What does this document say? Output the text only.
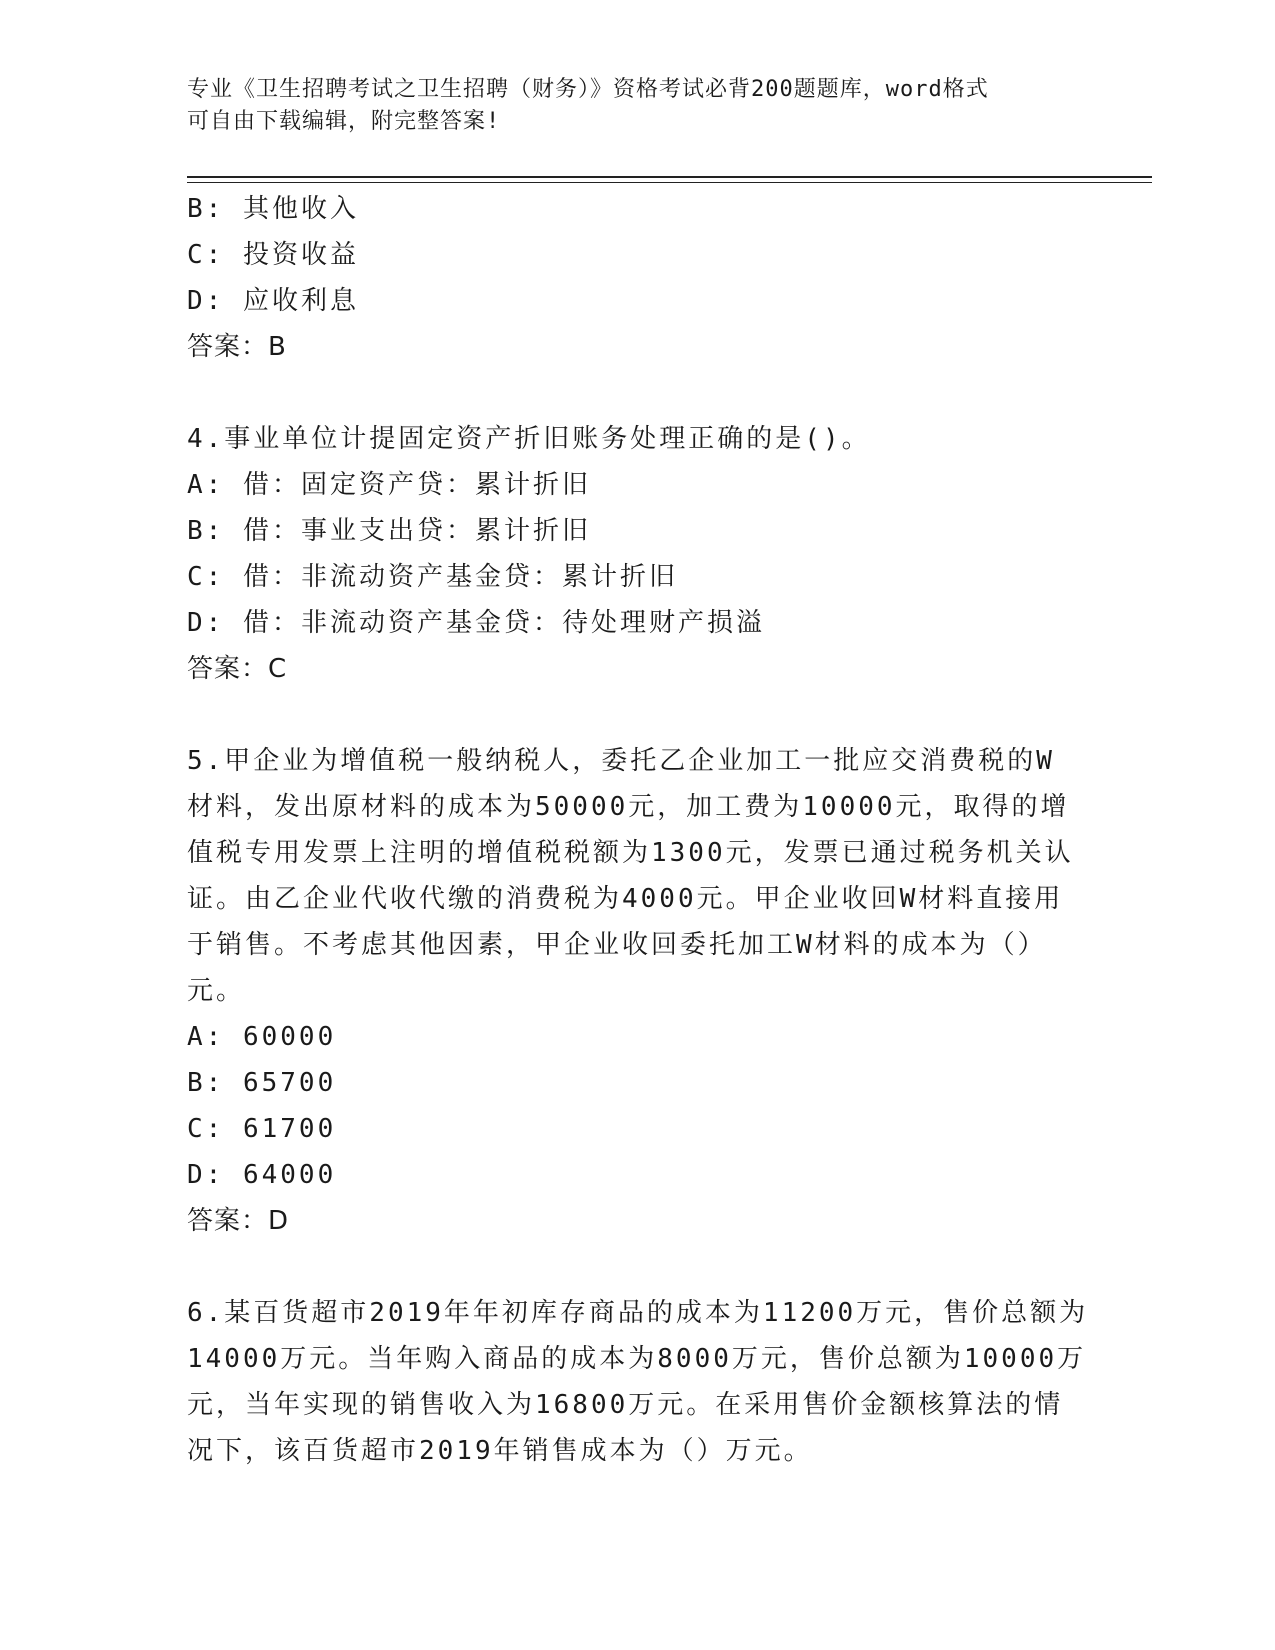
专业《卫生招聘考试之卫生招聘（财务）》资格考试必背200题题库，word格式
可自由下载编辑，附完整答案!
B: 其他收入
C: 投资收益
D: 应收利息
答案：B
4.事业单位计提固定资产折旧账务处理正确的是()。
A: 借：固定资产贷：累计折旧
B: 借：事业支出贷：累计折旧
C: 借：非流动资产基金贷：累计折旧
D: 借：非流动资产基金贷：待处理财产损溢
答案：C
5.甲企业为增值税一般纳税人，委托乙企业加工一批应交消费税的W
材料，发出原材料的成本为50000元，加工费为10000元，取得的增
值税专用发票上注明的增值税税额为1300元，发票已通过税务机关认
证。由乙企业代收代缴的消费税为4000元。甲企业收回W材料直接用
于销售。不考虑其他因素，甲企业收回委托加工W材料的成本为（）
元。
A: 60000
B: 65700
C: 61700
D: 64000
答案：D
6.某百货超市2019年年初库存商品的成本为11200万元，售价总额为
14000万元。当年购入商品的成本为8000万元，售价总额为10000万
元，当年实现的销售收入为16800万元。在采用售价金额核算法的情
况下，该百货超市2019年销售成本为（）万元。
